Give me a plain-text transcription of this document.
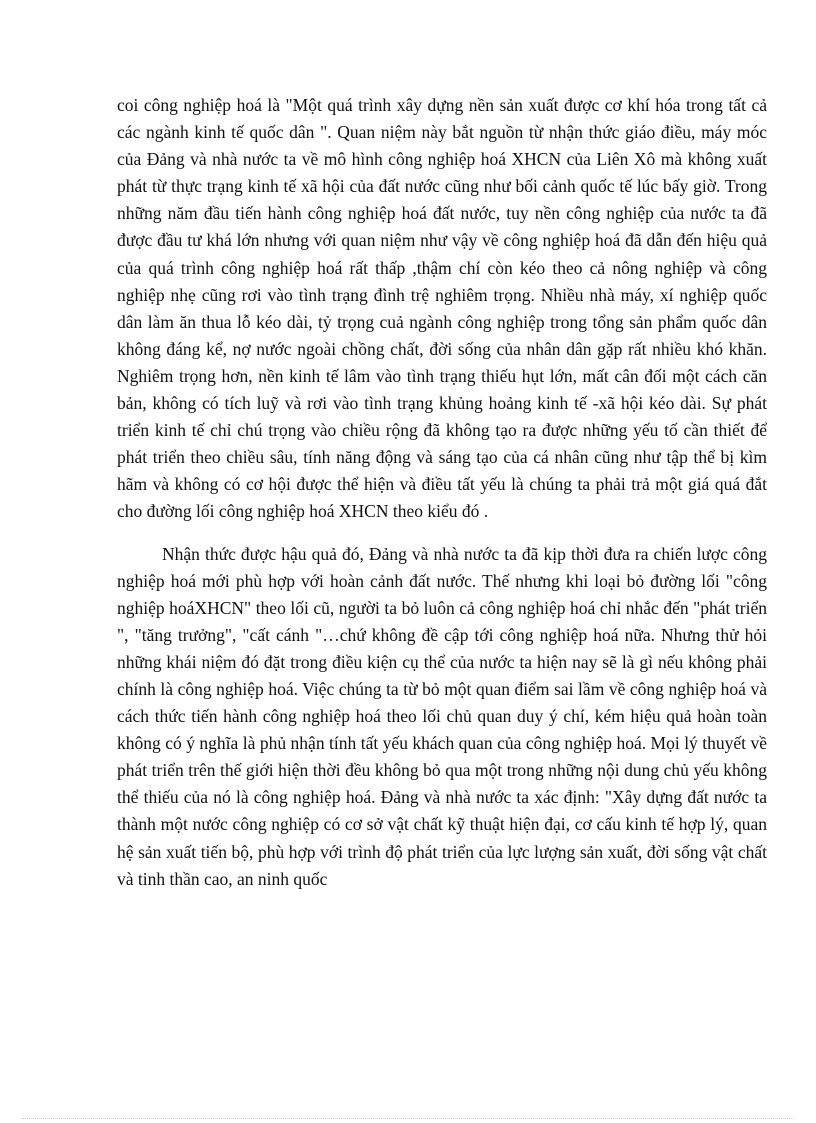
coi công nghiệp hoá là "Một quá trình xây dựng nền sản xuất được cơ khí hóa trong tất cả các ngành kinh tế quốc dân ". Quan niệm này bắt nguồn từ nhận thức giáo điều, máy móc của Đảng và nhà nước ta về mô hình công nghiệp hoá XHCN của Liên Xô mà không xuất phát từ thực trạng kinh tế xã hội của đất nước cũng như bối cảnh quốc tế lúc bấy giờ. Trong những năm đầu tiến hành công nghiệp hoá đất nước, tuy nền công nghiệp của nước ta đã được đầu tư khá lớn nhưng với quan niệm như vậy về công nghiệp hoá đã dẫn đến hiệu quả của quá trình công nghiệp hoá rất thấp ,thậm chí còn kéo theo cả nông nghiệp và công nghiệp nhẹ cũng rơi vào tình trạng đình trệ nghiêm trọng. Nhiều nhà máy, xí nghiệp quốc dân làm ăn thua lỗ kéo dài, tỷ trọng cuả ngành công nghiệp trong tổng sản phẩm quốc dân không đáng kể, nợ nước ngoài chồng chất, đời sống của nhân dân gặp rất nhiều khó khăn. Nghiêm trọng hơn, nền kinh tế lâm vào tình trạng thiếu hụt lớn, mất cân đối một cách căn bản, không có tích luỹ và rơi vào tình trạng khủng hoảng kinh tế -xã hội kéo dài. Sự phát triển kinh tế chỉ chú trọng vào chiều rộng đã không tạo ra được những yếu tố cần thiết để phát triển theo chiều sâu, tính năng động và sáng tạo của cá nhân cũng như tập thể bị kìm hãm và không có cơ hội được thể hiện và điều tất yếu là chúng ta phải trả một giá quá đắt cho đường lối công nghiệp hoá XHCN theo kiểu đó .

Nhận thức được hậu quả đó, Đảng và nhà nước ta đã kịp thời đưa ra chiến lược công nghiệp hoá mới phù hợp với hoàn cảnh đất nước. Thế nhưng khi loại bỏ đường lối "công nghiệp hoáXHCN" theo lối cũ, người ta bỏ luôn cả công nghiệp hoá chỉ nhắc đến "phát triển ", "tăng trưởng", "cất cánh "…chứ không đề cập tới công nghiệp hoá nữa. Nhưng thử hỏi những khái niệm đó đặt trong điều kiện cụ thể của nước ta hiện nay sẽ là gì nếu không phải chính là công nghiệp hoá. Việc chúng ta từ bỏ một quan điểm sai lầm về công nghiệp hoá và cách thức tiến hành công nghiệp hoá theo lối chủ quan duy ý chí, kém hiệu quả hoàn toàn không có ý nghĩa là phủ nhận tính tất yếu khách quan của công nghiệp hoá. Mọi lý thuyết về phát triển trên thế giới hiện thời đều không bỏ qua một trong những nội dung chủ yếu không thể thiếu của nó là công nghiệp hoá. Đảng và nhà nước ta xác định: "Xây dựng đất nước ta thành một nước công nghiệp có cơ sở vật chất kỹ thuật hiện đại, cơ cấu kinh tế hợp lý, quan hệ sản xuất tiến bộ, phù hợp với trình độ phát triển của lực lượng sản xuất, đời sống vật chất và tinh thần cao, an ninh quốc
